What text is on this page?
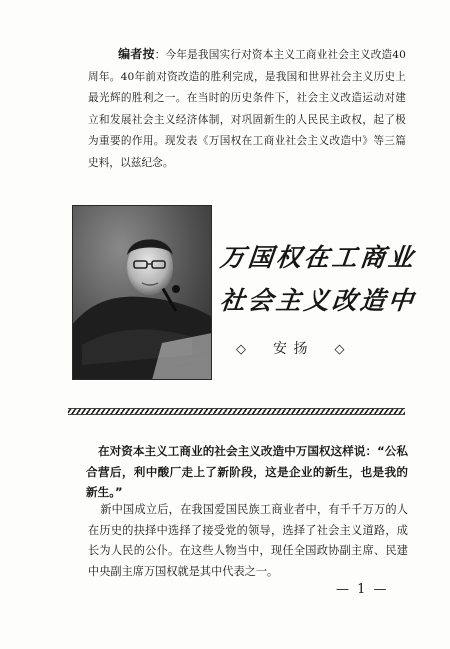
编者按：今年是我国实行对资本主义工商业社会主义改造40周年。40年前对资改造的胜利完成，是我国和世界社会主义历史上最光辉的胜利之一。在当时的历史条件下，社会主义改造运动对建立和发展社会主义经济体制，对巩固新生的人民民主政权，起了极为重要的作用。现发表《万国权在工商业社会主义改造中》等三篇史料，以兹纪念。
万国权在工商业
社会主义改造中
◇ 安 扬 ◇
在对资本主义工商业的社会主义改造中万国权这样说：“公私合营后，利中酸厂走上了新阶段，这是企业的新生，也是我的新生。”
新中国成立后，在我国爱国民族工商业者中，有千千万万的人在历史的抉择中选择了接受党的领导，选择了社会主义道路，成长为人民的公仆。在这些人物当中，现任全国政协副主席、民建中央副主席万国权就是其中代表之一。
— 1 —
